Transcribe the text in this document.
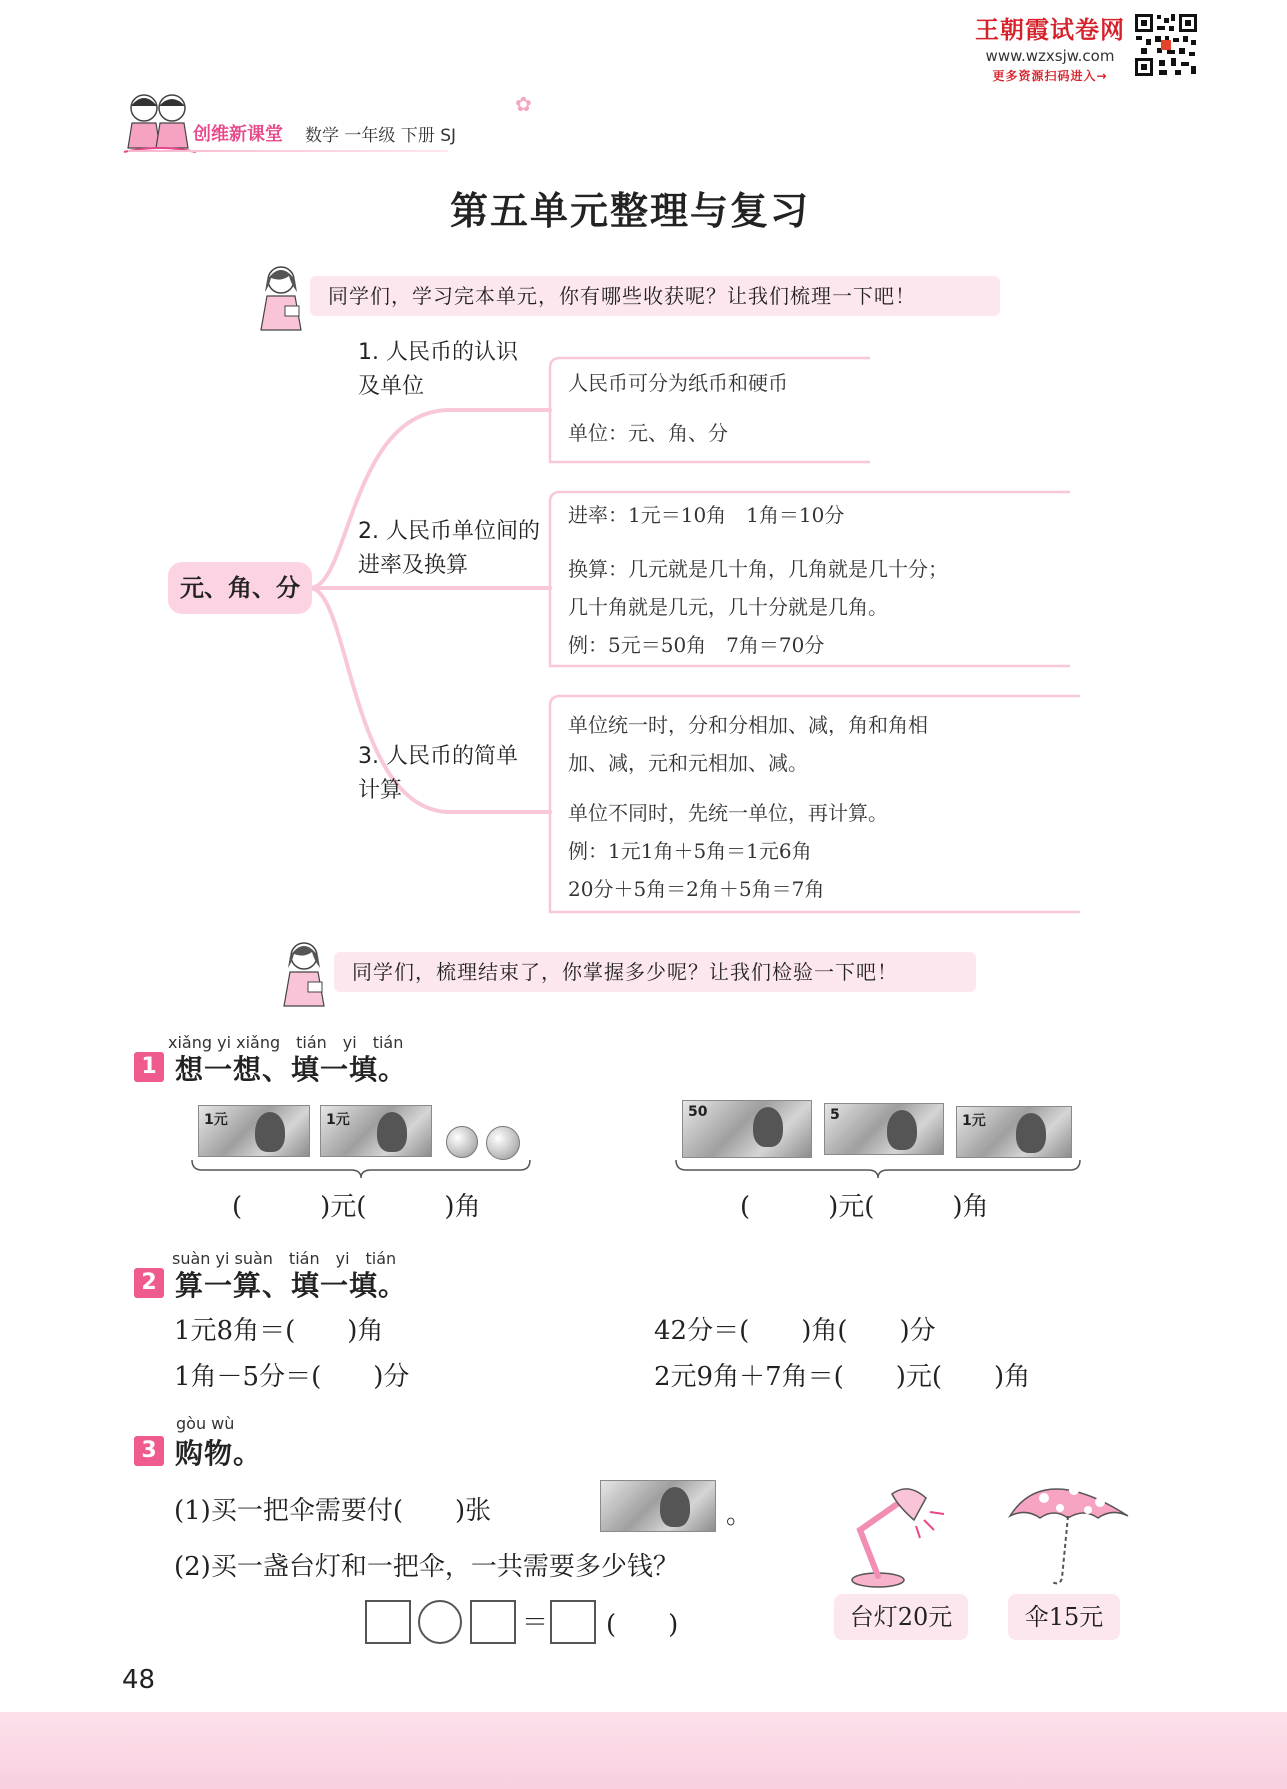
王朝霞试卷网
www.wzxsjw.com
更多资源扫码进入→
创维新课堂 数学 一年级 下册 SJ
✿
第五单元整理与复习
同学们，学习完本单元，你有哪些收获呢？让我们梳理一下吧！
元、角、分
1. 人民币的认识及单位
2. 人民币单位间的进率及换算
3. 人民币的简单计算
人民币可分为纸币和硬币
单位：元、角、分
进率：1元＝10角　1角＝10分
换算：几元就是几十角，几角就是几十分；
几十角就是几元，几十分就是几角。
例：5元＝50角　7角＝70分
单位统一时，分和分相加、减，角和角相
加、减，元和元相加、减。
单位不同时，先统一单位，再计算。
例：1元1角＋5角＝1元6角
20分＋5角＝2角＋5角＝7角
同学们，梳理结束了，你掌握多少呢？让我们检验一下吧！
xiǎng yi xiǎng　tián　yi　tián
1 想一想、填一填。
1元	1元
(　　　)元(　　　)角
50	5	1元
(　　　)元(　　　)角
suàn yi suàn　tián　yi　tián
2 算一算、填一填。
1元8角＝(　　)角	42分＝(　　)角(　　)分
1角－5分＝(　　)分	2元9角＋7角＝(　　)元(　　)角
gòu wù
3 购物。
(1)买一把伞需要付(　　)张	。
(2)买一盏台灯和一把伞，一共需要多少钱？
＝ (　　)	台灯20元	伞15元
48
